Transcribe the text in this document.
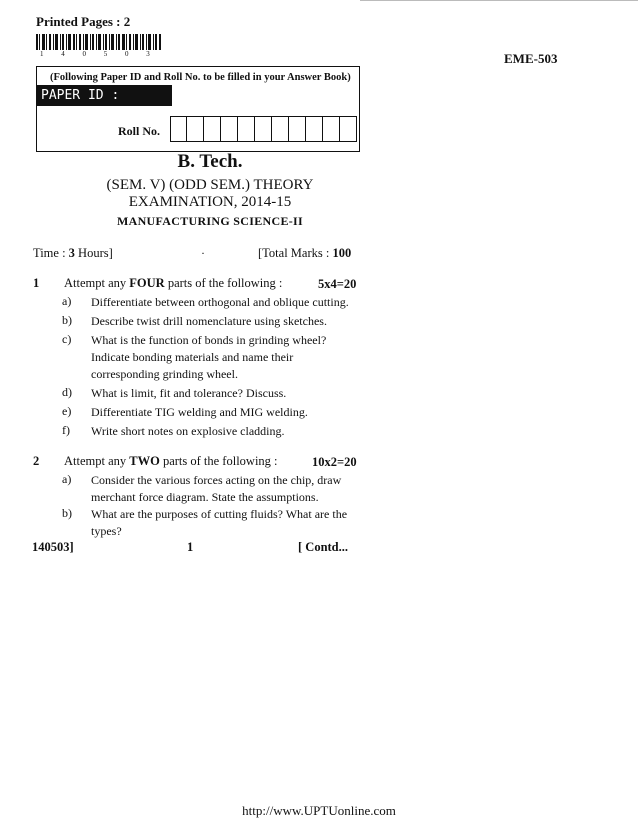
Printed Pages : 2
1 4 0 5 0 3	EME-503
(Following Paper ID and Roll No. to be filled in your Answer Book)
PAPER ID : 140503
Roll No.
B. Tech.
(SEM. V) (ODD SEM.) THEORY
EXAMINATION, 2014-15
MANUFACTURING SCIENCE-II
Time : 3 Hours]	·	[Total Marks : 100
1 Attempt any FOUR parts of the following :	5x4=20
a) Differentiate between orthogonal and oblique cutting.
b) Describe twist drill nomenclature using sketches.
c) What is the function of bonds in grinding wheel? Indicate bonding materials and name their corresponding grinding wheel.
d) What is limit, fit and tolerance? Discuss.
e) Differentiate TIG welding and MIG welding.
f) Write short notes on explosive cladding.
2 Attempt any TWO parts of the following :	10x2=20
a) Consider the various forces acting on the chip, draw merchant force diagram. State the assumptions.
b) What are the purposes of cutting fluids? What are the types?
140503]	1	[ Contd...
http://www.UPTUonline.com
